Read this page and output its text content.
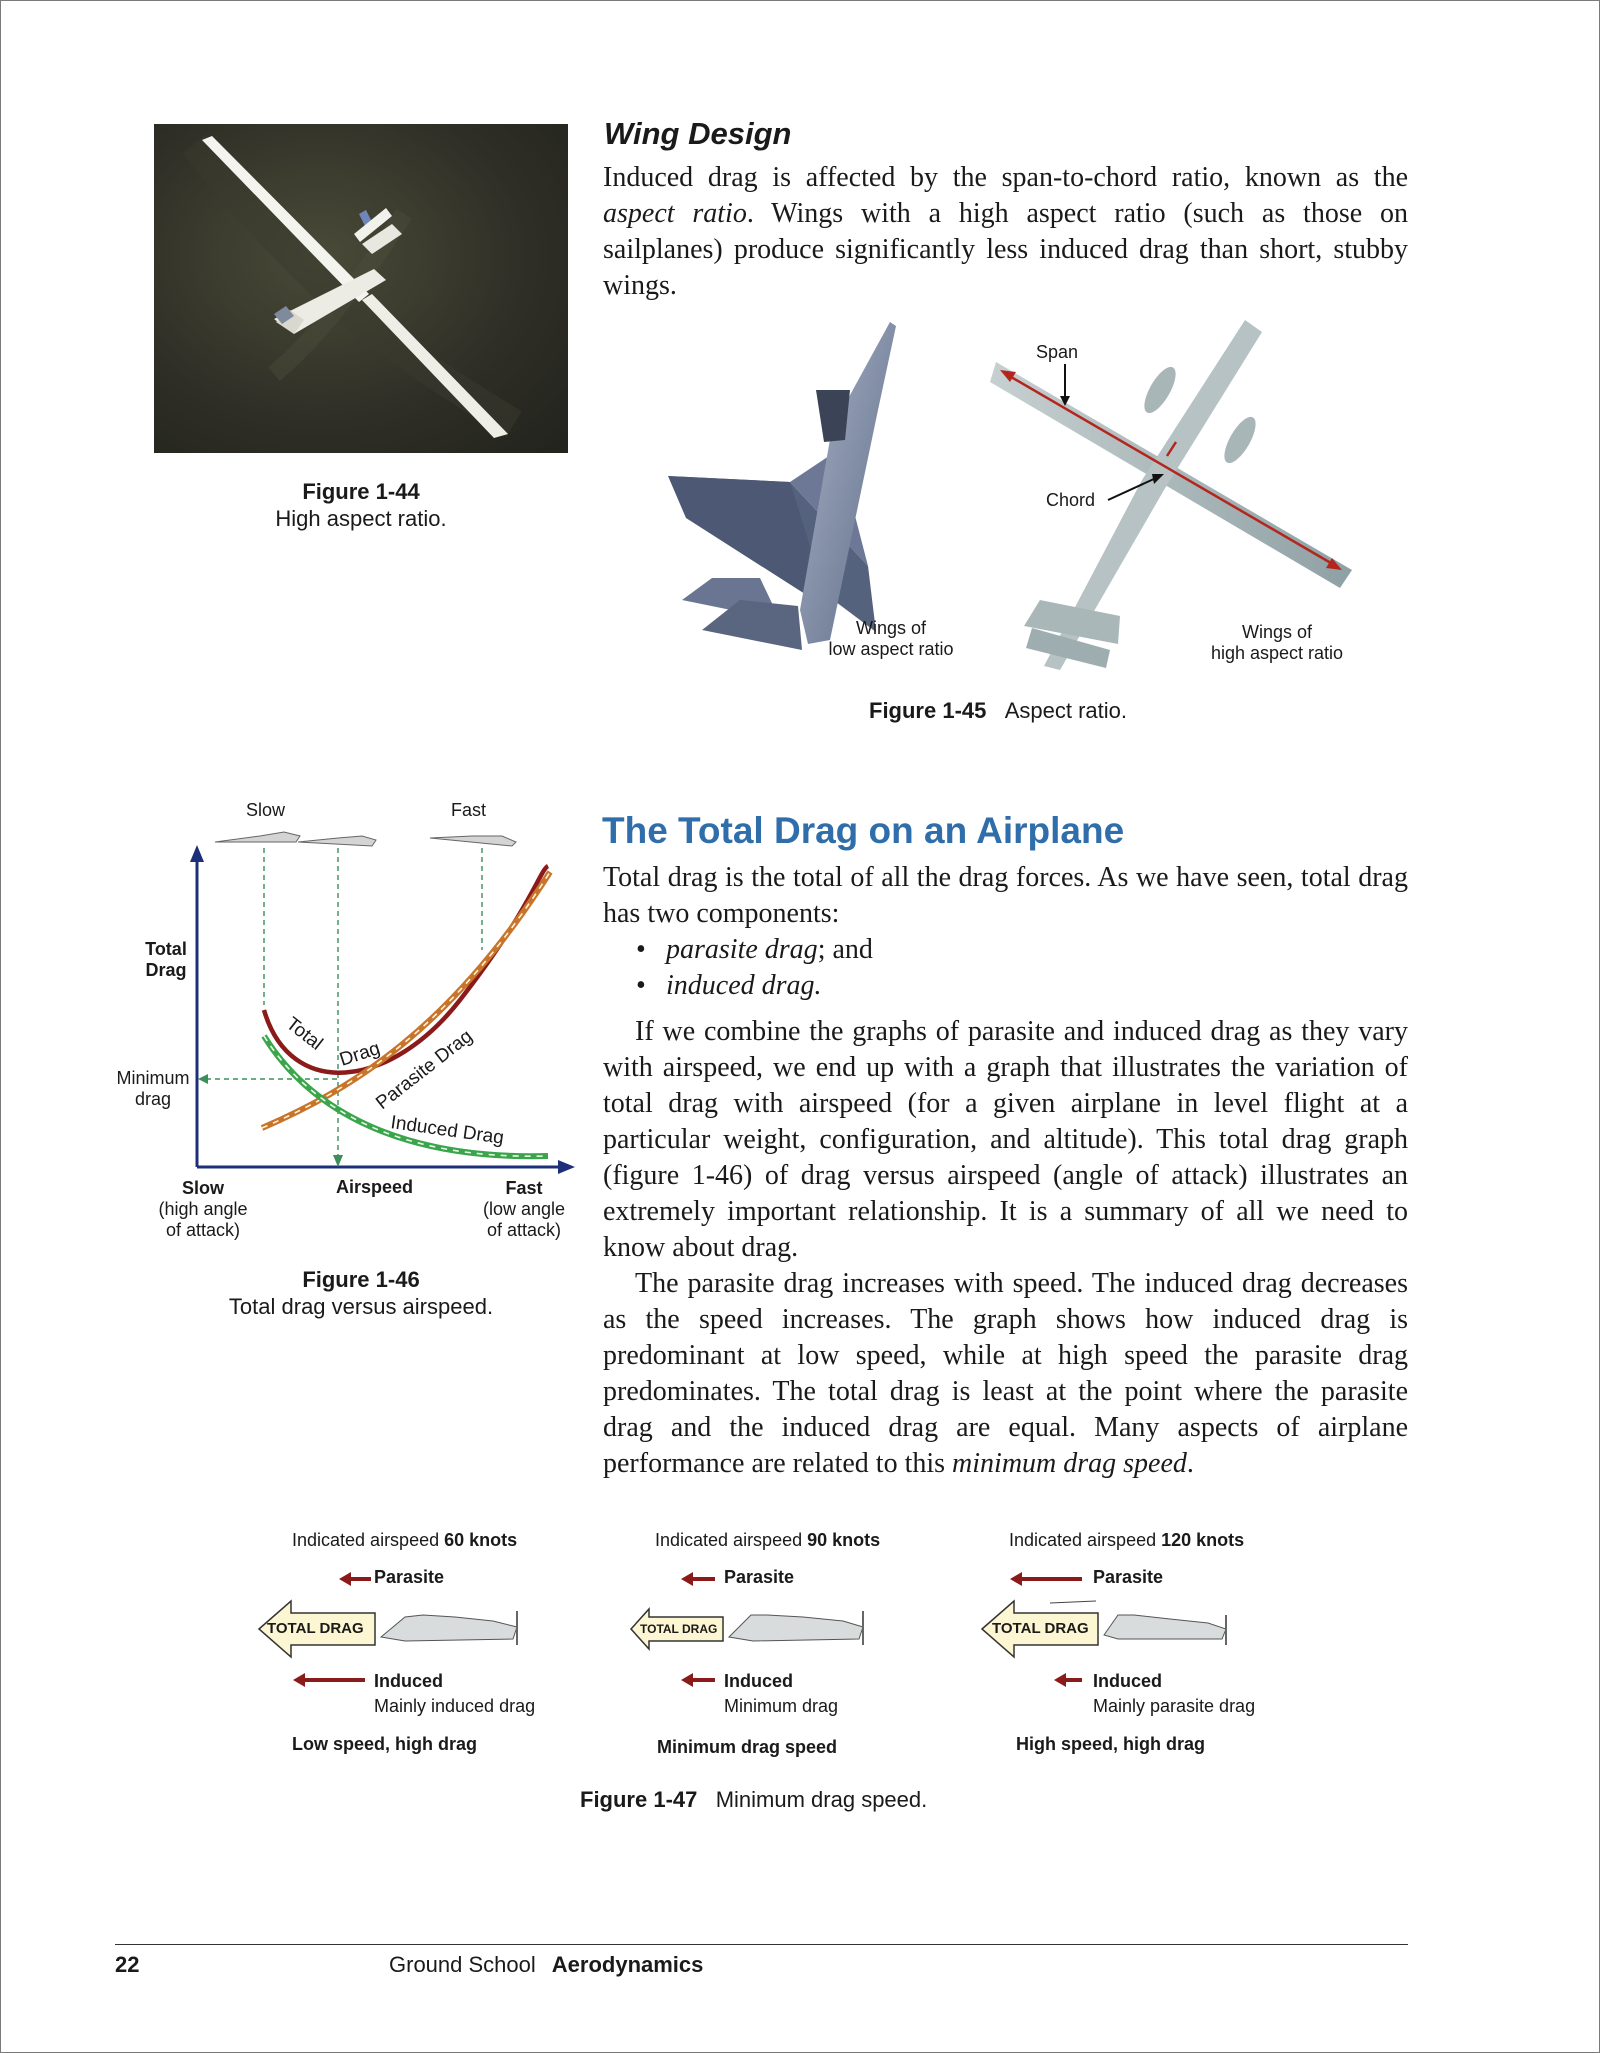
Figure 1-44
High aspect ratio.
Wing Design
Induced drag is affected by the span-to-chord ratio, known as the aspect ratio. Wings with a high aspect ratio (such as those on sailplanes) produce significantly less induced drag than short, stubby wings.
Span
Chord
Wings of
low aspect ratio
Wings of
high aspect ratio
Figure 1-45 Aspect ratio.
Total Drag
Parasite Drag
Induced Drag
Slow	Fast
Total
Drag
Minimum
drag
Airspeed
Slow
(high angle
of attack)
Fast
(low angle
of attack)
Figure 1-46
Total drag versus airspeed.
The Total Drag on an Airplane
Total drag is the total of all the drag forces. As we have seen, total drag has two components:
• parasite drag; and
• induced drag.
If we combine the graphs of parasite and induced drag as they vary with airspeed, we end up with a graph that illustrates the variation of total drag with airspeed (for a given airplane in level flight at a particular weight, configuration, and altitude). This total drag graph (figure 1-46) of drag versus airspeed (angle of attack) illustrates an extremely important relationship. It is a summary of all we need to know about drag.
The parasite drag increases with speed. The induced drag decreases as the speed increases. The graph shows how induced drag is predominant at low speed, while at high speed the parasite drag predominates. The total drag is least at the point where the parasite drag and the induced drag are equal. Many aspects of airplane performance are related to this minimum drag speed.
Indicated airspeed 60 knots
TOTAL DRAG
Parasite
Induced
Mainly induced drag
Low speed, high drag
Indicated airspeed 90 knots
TOTAL DRAG
Parasite
Induced
Minimum drag
Minimum drag speed
Indicated airspeed 120 knots
TOTAL DRAG
Parasite
Induced
Mainly parasite drag
High speed, high drag
Figure 1-47 Minimum drag speed.
22	Ground School Aerodynamics
